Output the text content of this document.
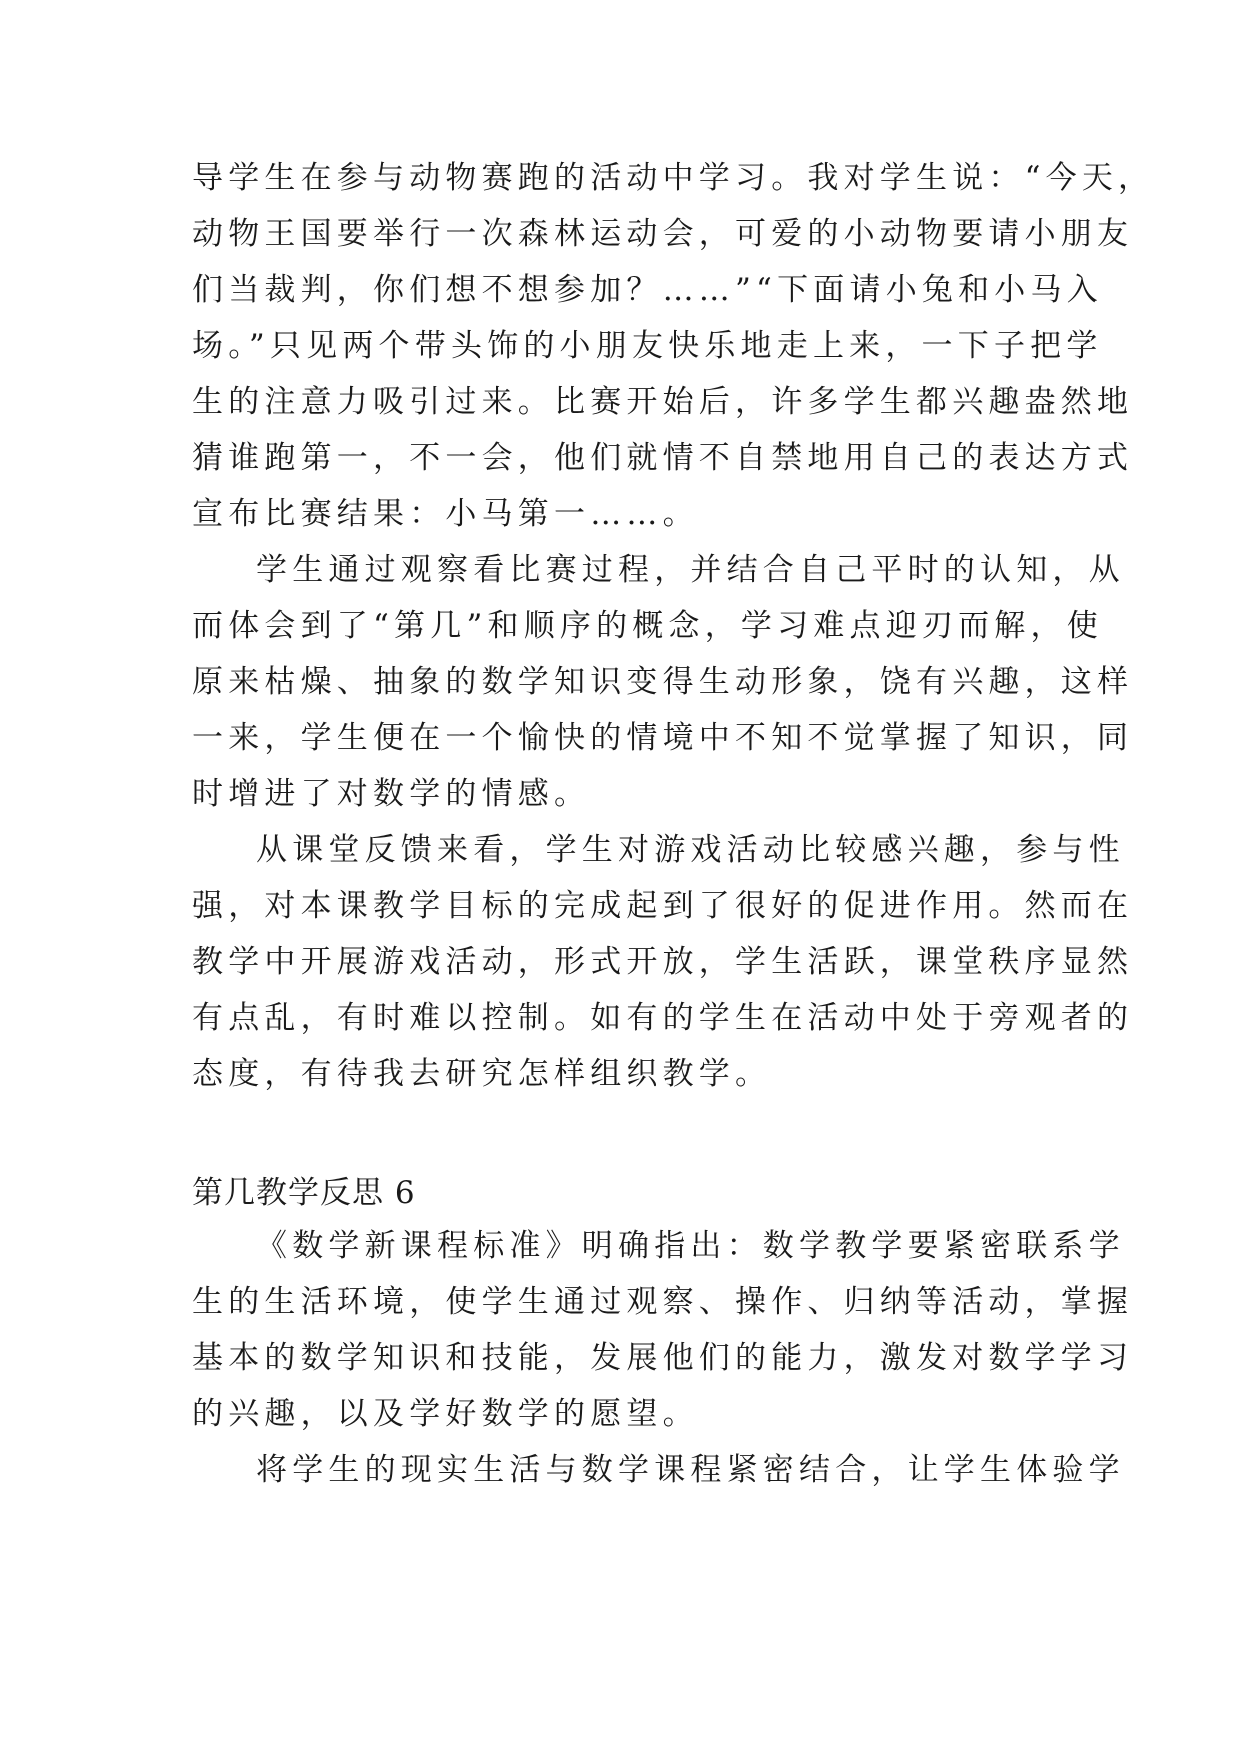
导学生在参与动物赛跑的活动中学习。我对学生说：“今天，
动物王国要举行一次森林运动会，可爱的小动物要请小朋友
们当裁判，你们想不想参加？……”“下面请小兔和小马入
场。”只见两个带头饰的小朋友快乐地走上来，一下子把学
生的注意力吸引过来。比赛开始后，许多学生都兴趣盎然地
猜谁跑第一，不一会，他们就情不自禁地用自己的表达方式
宣布比赛结果：小马第一……。
学生通过观察看比赛过程，并结合自己平时的认知，从
而体会到了“第几”和顺序的概念，学习难点迎刃而解，使
原来枯燥、抽象的数学知识变得生动形象，饶有兴趣，这样
一来，学生便在一个愉快的情境中不知不觉掌握了知识，同
时增进了对数学的情感。
从课堂反馈来看，学生对游戏活动比较感兴趣，参与性
强，对本课教学目标的完成起到了很好的促进作用。然而在
教学中开展游戏活动，形式开放，学生活跃，课堂秩序显然
有点乱，有时难以控制。如有的学生在活动中处于旁观者的
态度，有待我去研究怎样组织教学。
第几教学反思 6
《数学新课程标准》明确指出：数学教学要紧密联系学
生的生活环境，使学生通过观察、操作、归纳等活动，掌握
基本的数学知识和技能，发展他们的能力，激发对数学学习
的兴趣，以及学好数学的愿望。
将学生的现实生活与数学课程紧密结合，让学生体验学
